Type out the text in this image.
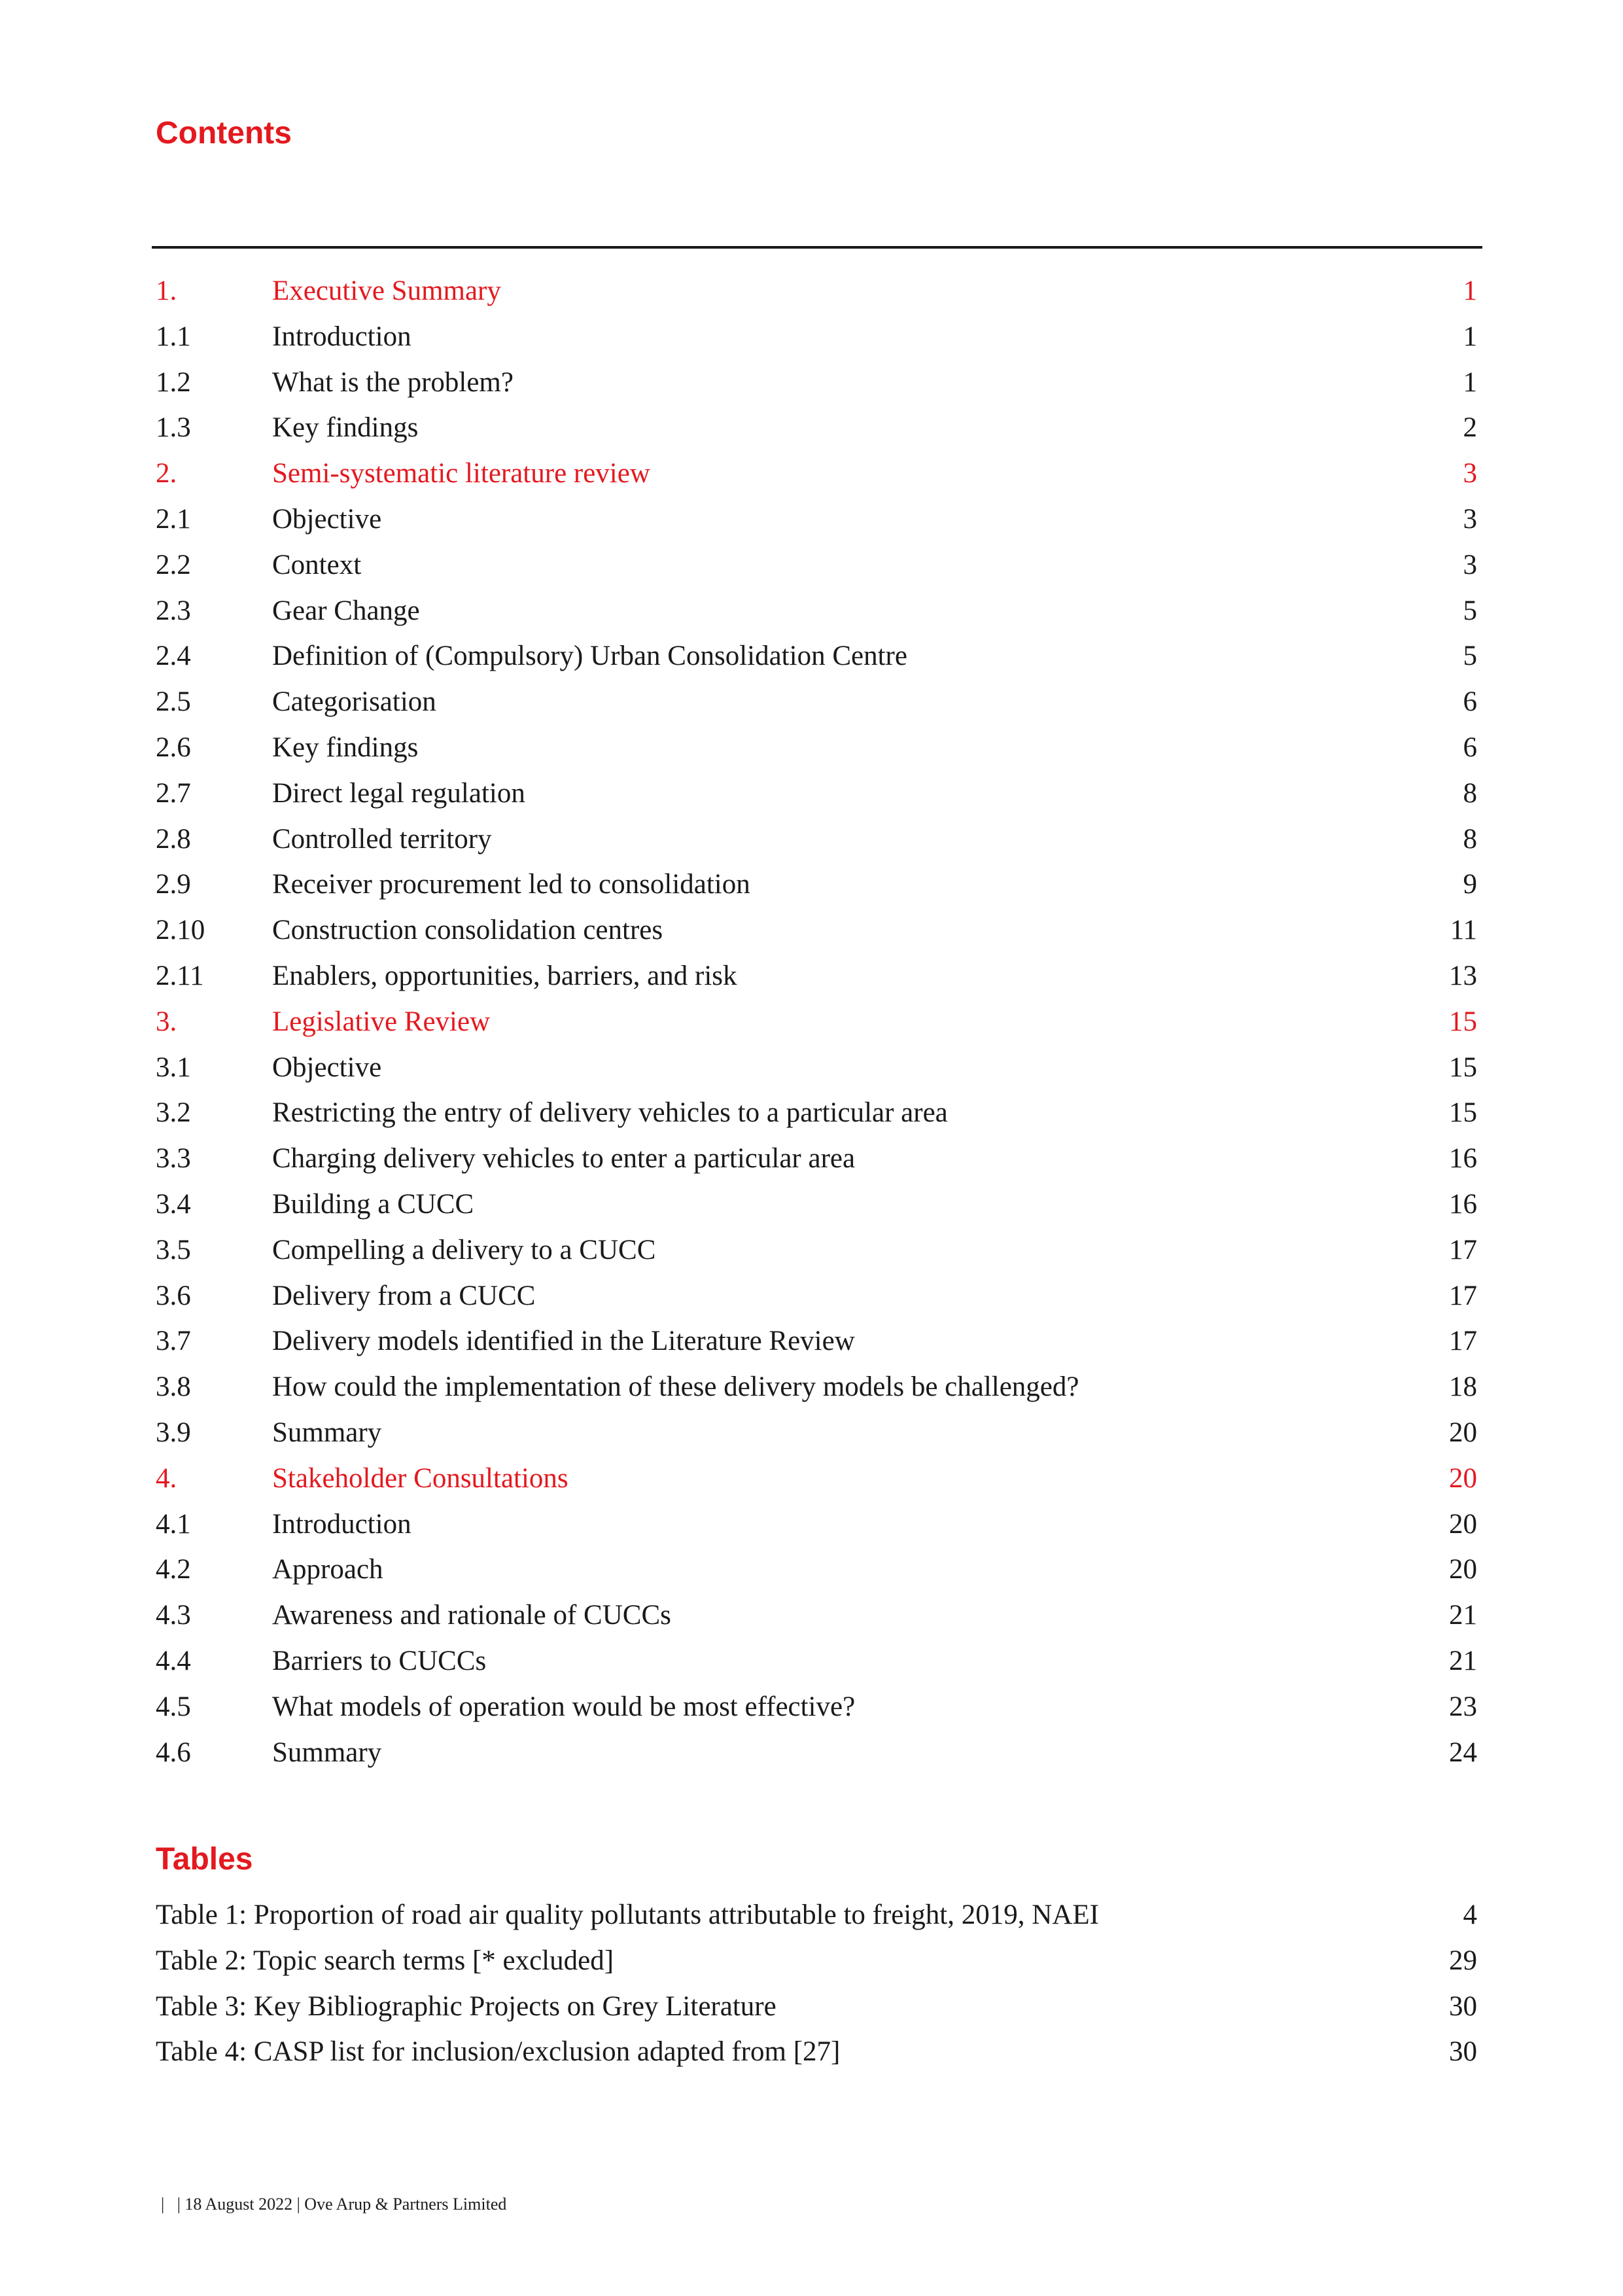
Contents
1.	Executive Summary	1
1.1	Introduction	1
1.2	What is the problem?	1
1.3	Key findings	2
2.	Semi-systematic literature review	3
2.1	Objective	3
2.2	Context	3
2.3	Gear Change	5
2.4	Definition of (Compulsory) Urban Consolidation Centre	5
2.5	Categorisation	6
2.6	Key findings	6
2.7	Direct legal regulation	8
2.8	Controlled territory	8
2.9	Receiver procurement led to consolidation	9
2.10	Construction consolidation centres	11
2.11	Enablers, opportunities, barriers, and risk	13
3.	Legislative Review	15
3.1	Objective	15
3.2	Restricting the entry of delivery vehicles to a particular area	15
3.3	Charging delivery vehicles to enter a particular area	16
3.4	Building a CUCC	16
3.5	Compelling a delivery to a CUCC	17
3.6	Delivery from a CUCC	17
3.7	Delivery models identified in the Literature Review	17
3.8	How could the implementation of these delivery models be challenged?	18
3.9	Summary	20
4.	Stakeholder Consultations	20
4.1	Introduction	20
4.2	Approach	20
4.3	Awareness and rationale of CUCCs	21
4.4	Barriers to CUCCs	21
4.5	What models of operation would be most effective?	23
4.6	Summary	24
Tables
Table 1: Proportion of road air quality pollutants attributable to freight, 2019, NAEI	4
Table 2: Topic search terms [* excluded]	29
Table 3: Key Bibliographic Projects on Grey Literature	30
Table 4: CASP list for inclusion/exclusion adapted from [27]	30
|   | 18 August 2022 | Ove Arup & Partners Limited
